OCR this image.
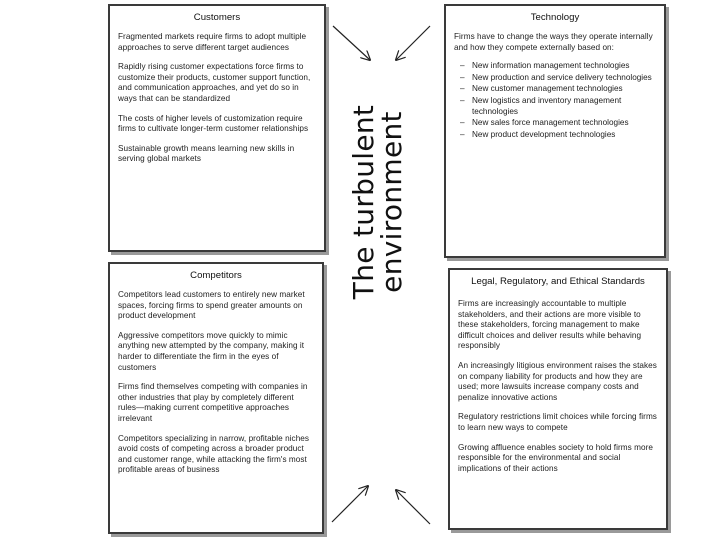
Customers

Fragmented markets require firms to adopt multiple approaches to serve different target audiences

Rapidly rising customer expectations force firms to customize their products, customer support function, and communication approaches, and yet do so in ways that can be standardized

The costs of higher levels of customization require firms to cultivate longer-term customer relationships

Sustainable growth means learning new skills in serving global markets

Technology

Firms have to change the ways they operate internally and how they compete externally based on:

– New information management technologies
– New production and service delivery technologies
– New customer management technologies
– New logistics and inventory management technologies
– New sales force management technologies
– New product development technologies
Competitors

Competitors lead customers to entirely new market spaces, forcing firms to spend greater amounts on product development

Aggressive competitors move quickly to mimic anything new attempted by the company, making it harder to differentiate the firm in the eyes of customers

Firms find themselves competing with companies in other industries that play by completely different rules—making current competitive approaches irrelevant

Competitors specializing in narrow, profitable niches avoid costs of competing across a broader product and customer range, while attacking the firm's most profitable areas of business

Legal, Regulatory, and Ethical Standards

Firms are increasingly accountable to multiple stakeholders, and their actions are more visible to these stakeholders, forcing management to make difficult choices and deliver results while behaving responsibly

An increasingly litigious environment raises the stakes on company liability for products and how they are used; more lawsuits increase company costs and penalize innovative actions

Regulatory restrictions limit choices while forcing firms to learn new ways to compete

Growing affluence enables society to hold firms more responsible for the environmental and social implications of their actions

The turbulent
environment
